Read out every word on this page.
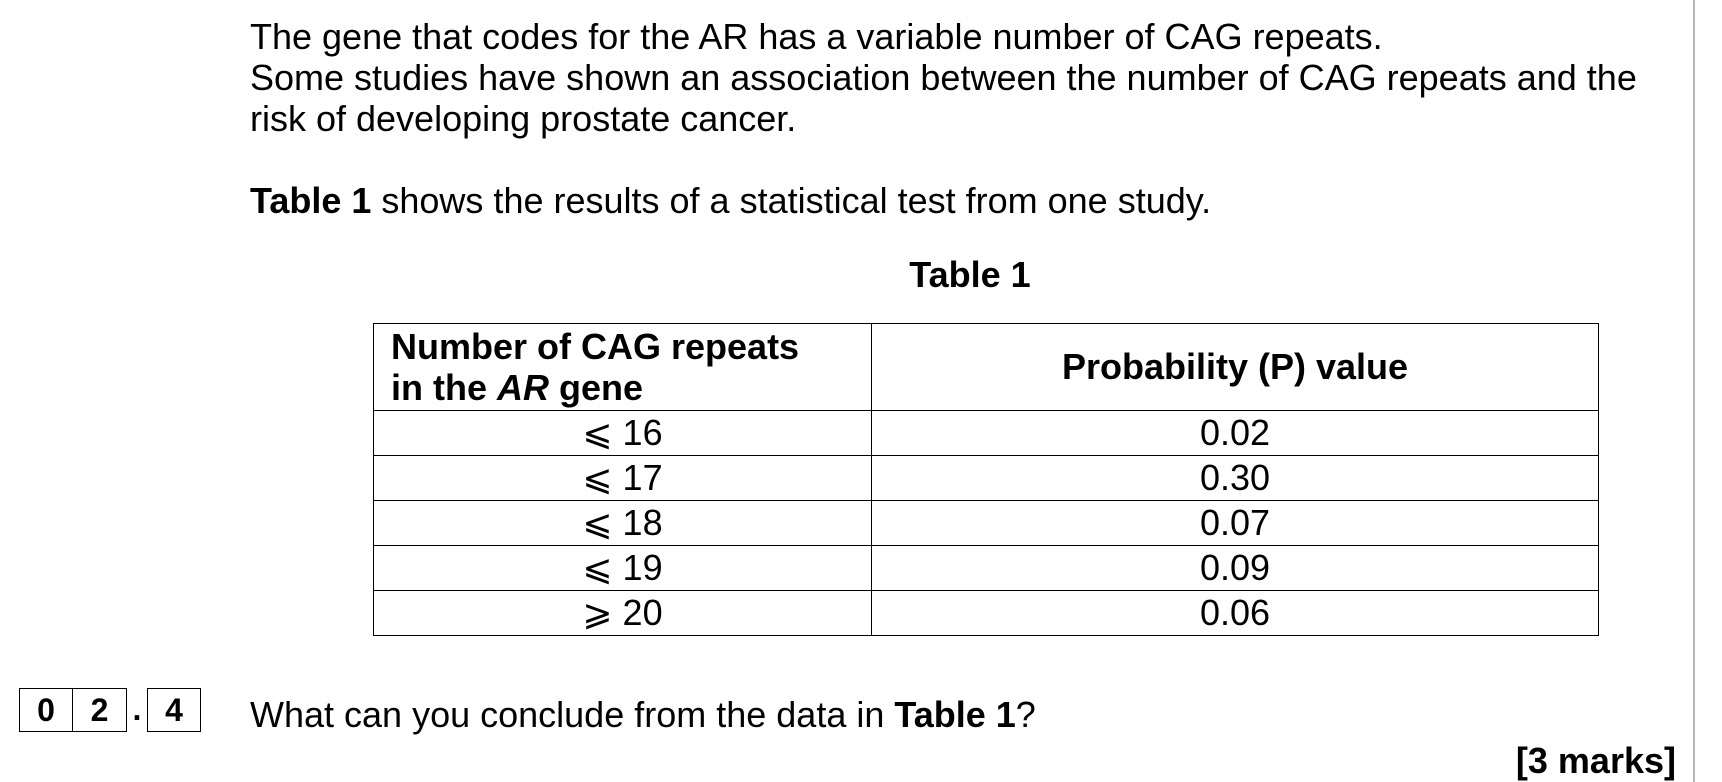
The gene that codes for the AR has a variable number of CAG repeats.

Some studies have shown an association between the number of CAG repeats and the risk of developing prostate cancer.

Table 1 shows the results of a statistical test from one study.
Table 1
Number of CAG repeats
in the AR gene	Probability (P) value
⩽ 16	0.02
⩽ 17	0.30
⩽ 18	0.07
⩽ 19	0.09
⩾ 20	0.06
0	2 . 4	What can you conclude from the data in Table 1?
[3 marks]
